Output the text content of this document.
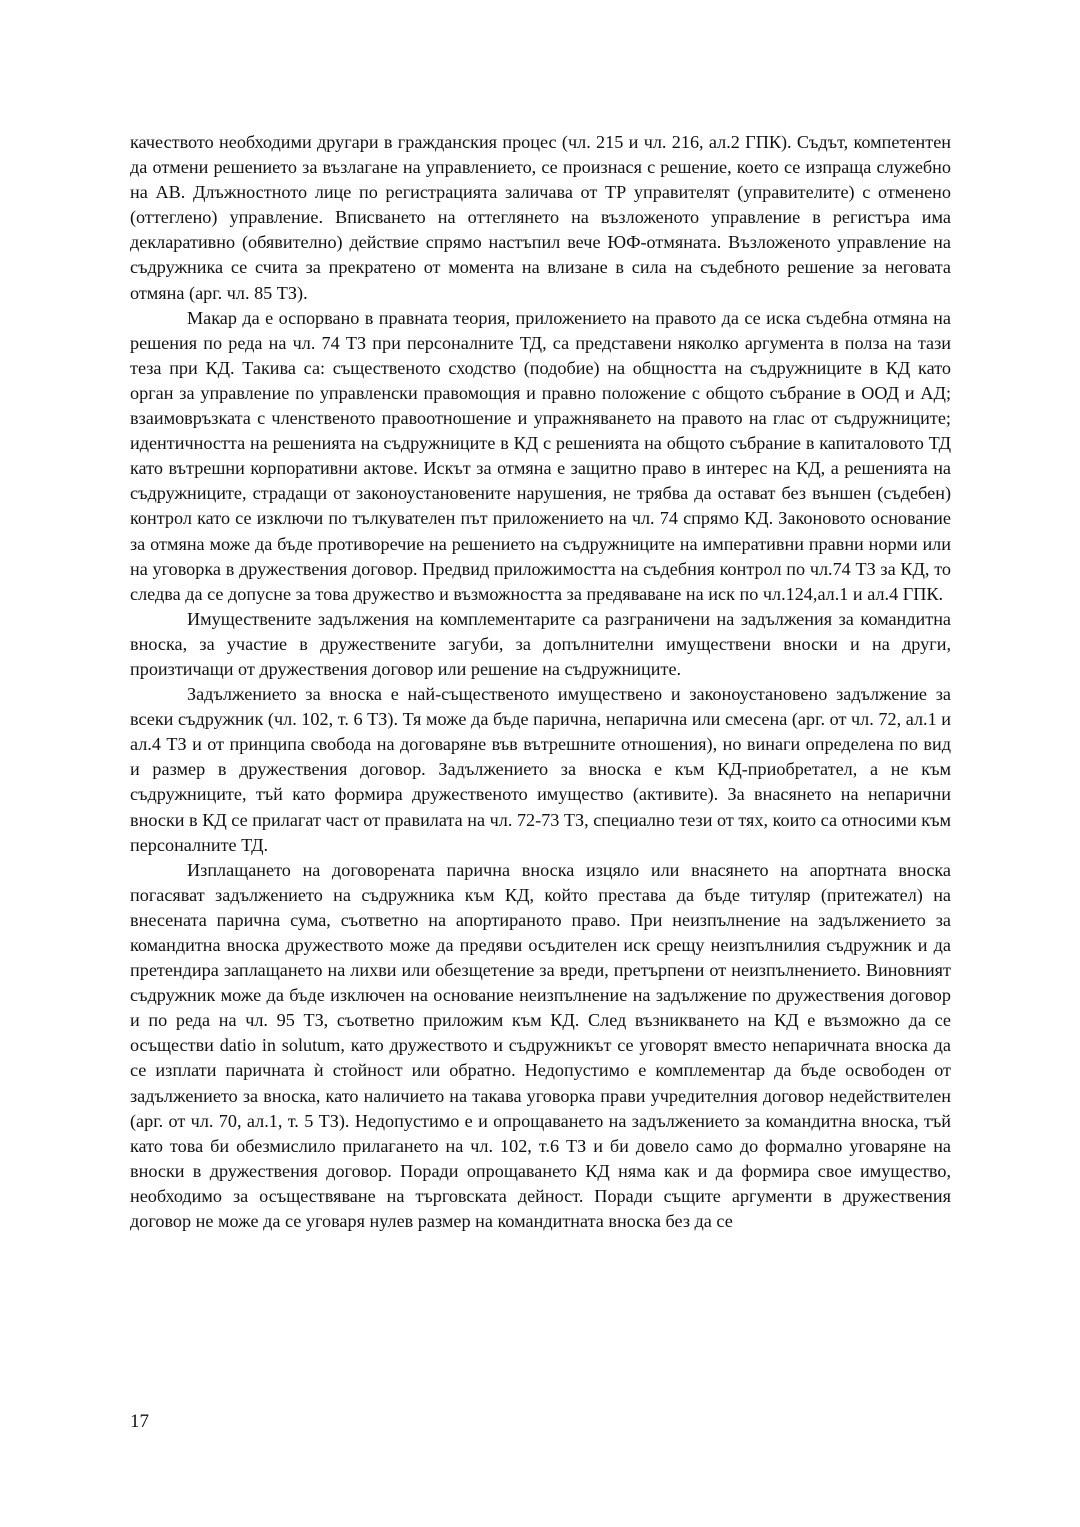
качеството необходими другари в гражданския процес (чл. 215 и чл. 216, ал.2 ГПК). Съдът, компетентен да отмени решението за възлагане на управлението, се произнася с решение, което се изпраща служебно на АВ. Длъжностното лице по регистрацията заличава от ТР управителят (управителите) с отменено (оттеглено) управление. Вписването на оттеглянето на възложеното управление в регистъра има декларативно (обявително) действие спрямо настъпил вече ЮФ-отмяната. Възложеното управление на съдружника се счита за прекратено от момента на влизане в сила на съдебното решение за неговата отмяна (арг. чл. 85 ТЗ).

Макар да е оспорвано в правната теория, приложението на правото да се иска съдебна отмяна на решения по реда на чл. 74 ТЗ при персоналните ТД, са представени няколко аргумента в полза на тази теза при КД. Такива са: същественото сходство (подобие) на общността на съдружниците в КД като орган за управление по управленски правомощия и правно положение с общото събрание в ООД и АД; взаимовръзката с членственото правоотношение и упражняването на правото на глас от съдружниците; идентичността на решенията на съдружниците в КД с решенията на общото събрание в капиталовото ТД като вътрешни корпоративни актове. Искът за отмяна е защитно право в интерес на КД, а решенията на съдружниците, страдащи от законоустановените нарушения, не трябва да остават без външен (съдебен) контрол като се изключи по тълкувателен път приложението на чл. 74 спрямо КД. Законовото основание за отмяна може да бъде противоречие на решението на съдружниците на императивни правни норми или на уговорка в дружествения договор. Предвид приложимостта на съдебния контрол по чл.74 ТЗ за КД, то следва да се допусне за това дружество и възможността за предяваване на иск по чл.124,ал.1 и ал.4 ГПК.

Имуществените задължения на комплементарите са разграничени на задължения за командитна вноска, за участие в дружествените загуби, за допълнителни имуществени вноски и на други, произтичащи от дружествения договор или решение на съдружниците.

Задължението за вноска е най-същественото имуществено и законоустановено задължение за всеки съдружник (чл. 102, т. 6 ТЗ). Тя може да бъде парична, непарична или смесена (арг. от чл. 72, ал.1 и ал.4 ТЗ и от принципа свобода на договаряне във вътрешните отношения), но винаги определена по вид и размер в дружествения договор. Задължението за вноска е към КД-приобретател, а не към съдружниците, тъй като формира дружественото имущество (активите). За внасянето на непарични вноски в КД се прилагат част от правилата на чл. 72-73 ТЗ, специално тези от тях, които са относими към персоналните ТД.

Изплащането на договорената парична вноска изцяло или внасянето на апортната вноска погасяват задължението на съдружника към КД, който престава да бъде титуляр (притежател) на внесената парична сума, съответно на апортираното право. При неизпълнение на задължението за командитна вноска дружеството може да предяви осъдителен иск срещу неизпълнилия съдружник и да претендира заплащането на лихви или обезщетение за вреди, претърпени от неизпълнението. Виновният съдружник може да бъде изключен на основание неизпълнение на задължение по дружествения договор и по реда на чл. 95 ТЗ, съответно приложим към КД. След възникването на КД е възможно да се осъществи datio in solutum, като дружеството и съдружникът се уговорят вместо непаричната вноска да се изплати паричната ѝ стойност или обратно. Недопустимо е комплементар да бъде освободен от задължението за вноска, като наличието на такава уговорка прави учредителния договор недействителен (арг. от чл. 70, ал.1, т. 5 ТЗ). Недопустимо е и опрощаването на задължението за командитна вноска, тъй като това би обезмислило прилагането на чл. 102, т.6 ТЗ и би довело само до формално уговаряне на вноски в дружествения договор. Поради опрощаването КД няма как и да формира свое имущество, необходимо за осъществяване на търговската дейност. Поради същите аргументи в дружествения договор не може да се уговаря нулев размер на командитната вноска без да се

17
